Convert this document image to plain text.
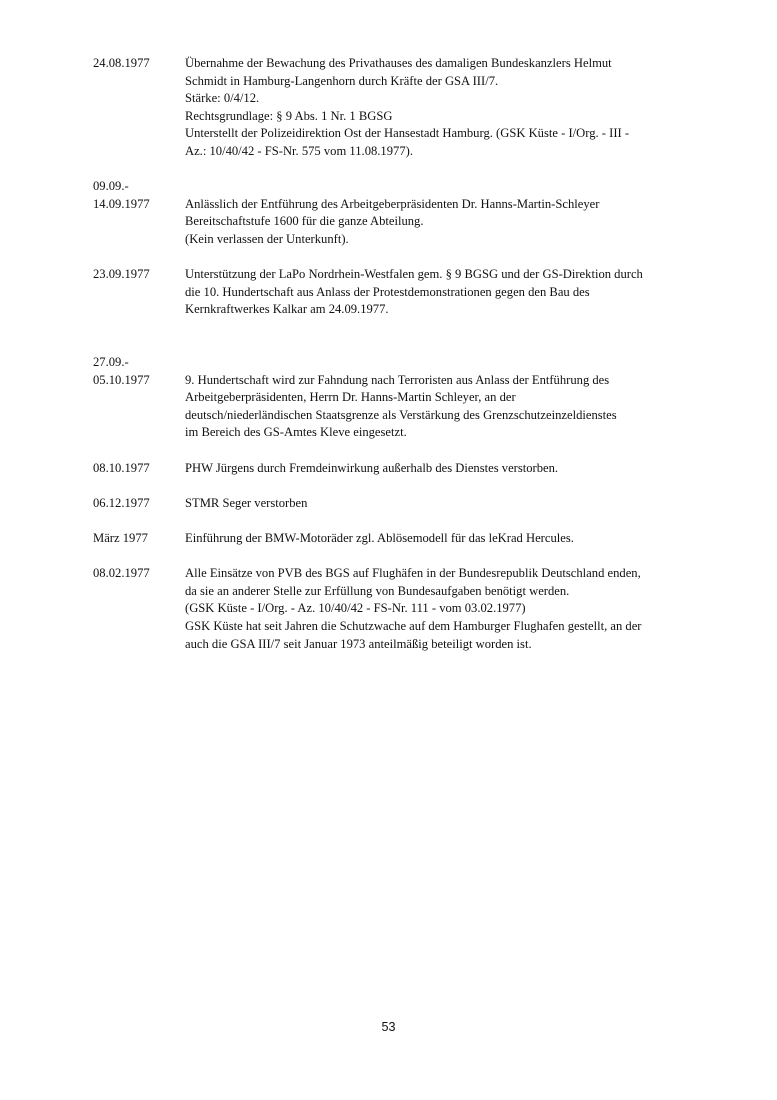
24.08.1977	Übernahme der Bewachung des Privathauses des damaligen Bundeskanzlers Helmut
Schmidt in Hamburg-Langenhorn durch Kräfte der GSA III/7.
Stärke: 0/4/12.
Rechtsgrundlage: § 9 Abs. 1 Nr. 1 BGSG
Unterstellt der Polizeidirektion Ost der Hansestadt Hamburg. (GSK Küste - I/Org. - III -
Az.: 10/40/42 - FS-Nr. 575 vom 11.08.1977).
09.09.-
14.09.1977	Anlässlich der Entführung des Arbeitgeberpräsidenten Dr. Hanns-Martin-Schleyer
Bereitschaftstufe 1600 für die ganze Abteilung.
(Kein verlassen der Unterkunft).
23.09.1977	Unterstützung der LaPo Nordrhein-Westfalen gem. § 9 BGSG und der GS-Direktion durch
die 10. Hundertschaft aus Anlass der Protestdemonstrationen gegen den Bau des
Kernkraftwerkes Kalkar am 24.09.1977.
27.09.-
05.10.1977	9. Hundertschaft wird zur Fahndung nach Terroristen aus Anlass der Entführung des
Arbeitgeberpräsidenten, Herrn Dr. Hanns-Martin Schleyer, an der
deutsch/niederländischen Staatsgrenze als Verstärkung des Grenzschutzeinzeldienstes
im Bereich des GS-Amtes Kleve eingesetzt.
08.10.1977	PHW Jürgens durch Fremdeinwirkung außerhalb des Dienstes verstorben.
06.12.1977	STMR Seger verstorben
März 1977	Einführung der BMW-Motoräder zgl. Ablösemodell für das leKrad Hercules.
08.02.1977	Alle Einsätze von PVB des BGS auf Flughäfen in der Bundesrepublik Deutschland enden,
da sie an anderer Stelle zur Erfüllung von Bundesaufgaben benötigt werden.
(GSK Küste - I/Org. - Az. 10/40/42 - FS-Nr. 111 - vom 03.02.1977)
GSK Küste hat seit Jahren die Schutzwache auf dem Hamburger Flughafen gestellt, an der
auch die GSA III/7 seit Januar 1973 anteilmäßig beteiligt worden ist.
53
